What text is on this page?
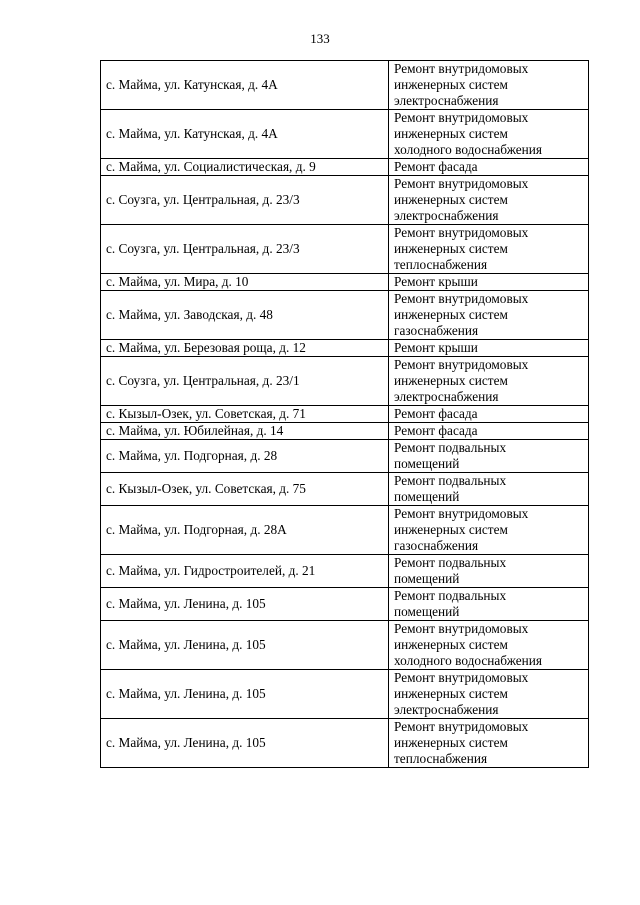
133
с. Майма, ул. Катунская, д. 4А	Ремонт внутридомовых
инженерных систем
электроснабжения
с. Майма, ул. Катунская, д. 4А	Ремонт внутридомовых
инженерных систем
холодного водоснабжения
с. Майма, ул. Социалистическая, д. 9	Ремонт фасада
с. Соузга, ул. Центральная, д. 23/3	Ремонт внутридомовых
инженерных систем
электроснабжения
с. Соузга, ул. Центральная, д. 23/3	Ремонт внутридомовых
инженерных систем
теплоснабжения
с. Майма, ул. Мира, д. 10	Ремонт крыши
с. Майма, ул. Заводская, д. 48	Ремонт внутридомовых
инженерных систем
газоснабжения
с. Майма, ул. Березовая роща, д. 12	Ремонт крыши
с. Соузга, ул. Центральная, д. 23/1	Ремонт внутридомовых
инженерных систем
электроснабжения
с. Кызыл-Озек, ул. Советская, д. 71	Ремонт фасада
с. Майма, ул. Юбилейная, д. 14	Ремонт фасада
с. Майма, ул. Подгорная, д. 28	Ремонт подвальных
помещений
с. Кызыл-Озек, ул. Советская, д. 75	Ремонт подвальных
помещений
с. Майма, ул. Подгорная, д. 28А	Ремонт внутридомовых
инженерных систем
газоснабжения
с. Майма, ул. Гидростроителей, д. 21	Ремонт подвальных
помещений
с. Майма, ул. Ленина, д. 105	Ремонт подвальных
помещений
с. Майма, ул. Ленина, д. 105	Ремонт внутридомовых
инженерных систем
холодного водоснабжения
с. Майма, ул. Ленина, д. 105	Ремонт внутридомовых
инженерных систем
электроснабжения
с. Майма, ул. Ленина, д. 105	Ремонт внутридомовых
инженерных систем
теплоснабжения
